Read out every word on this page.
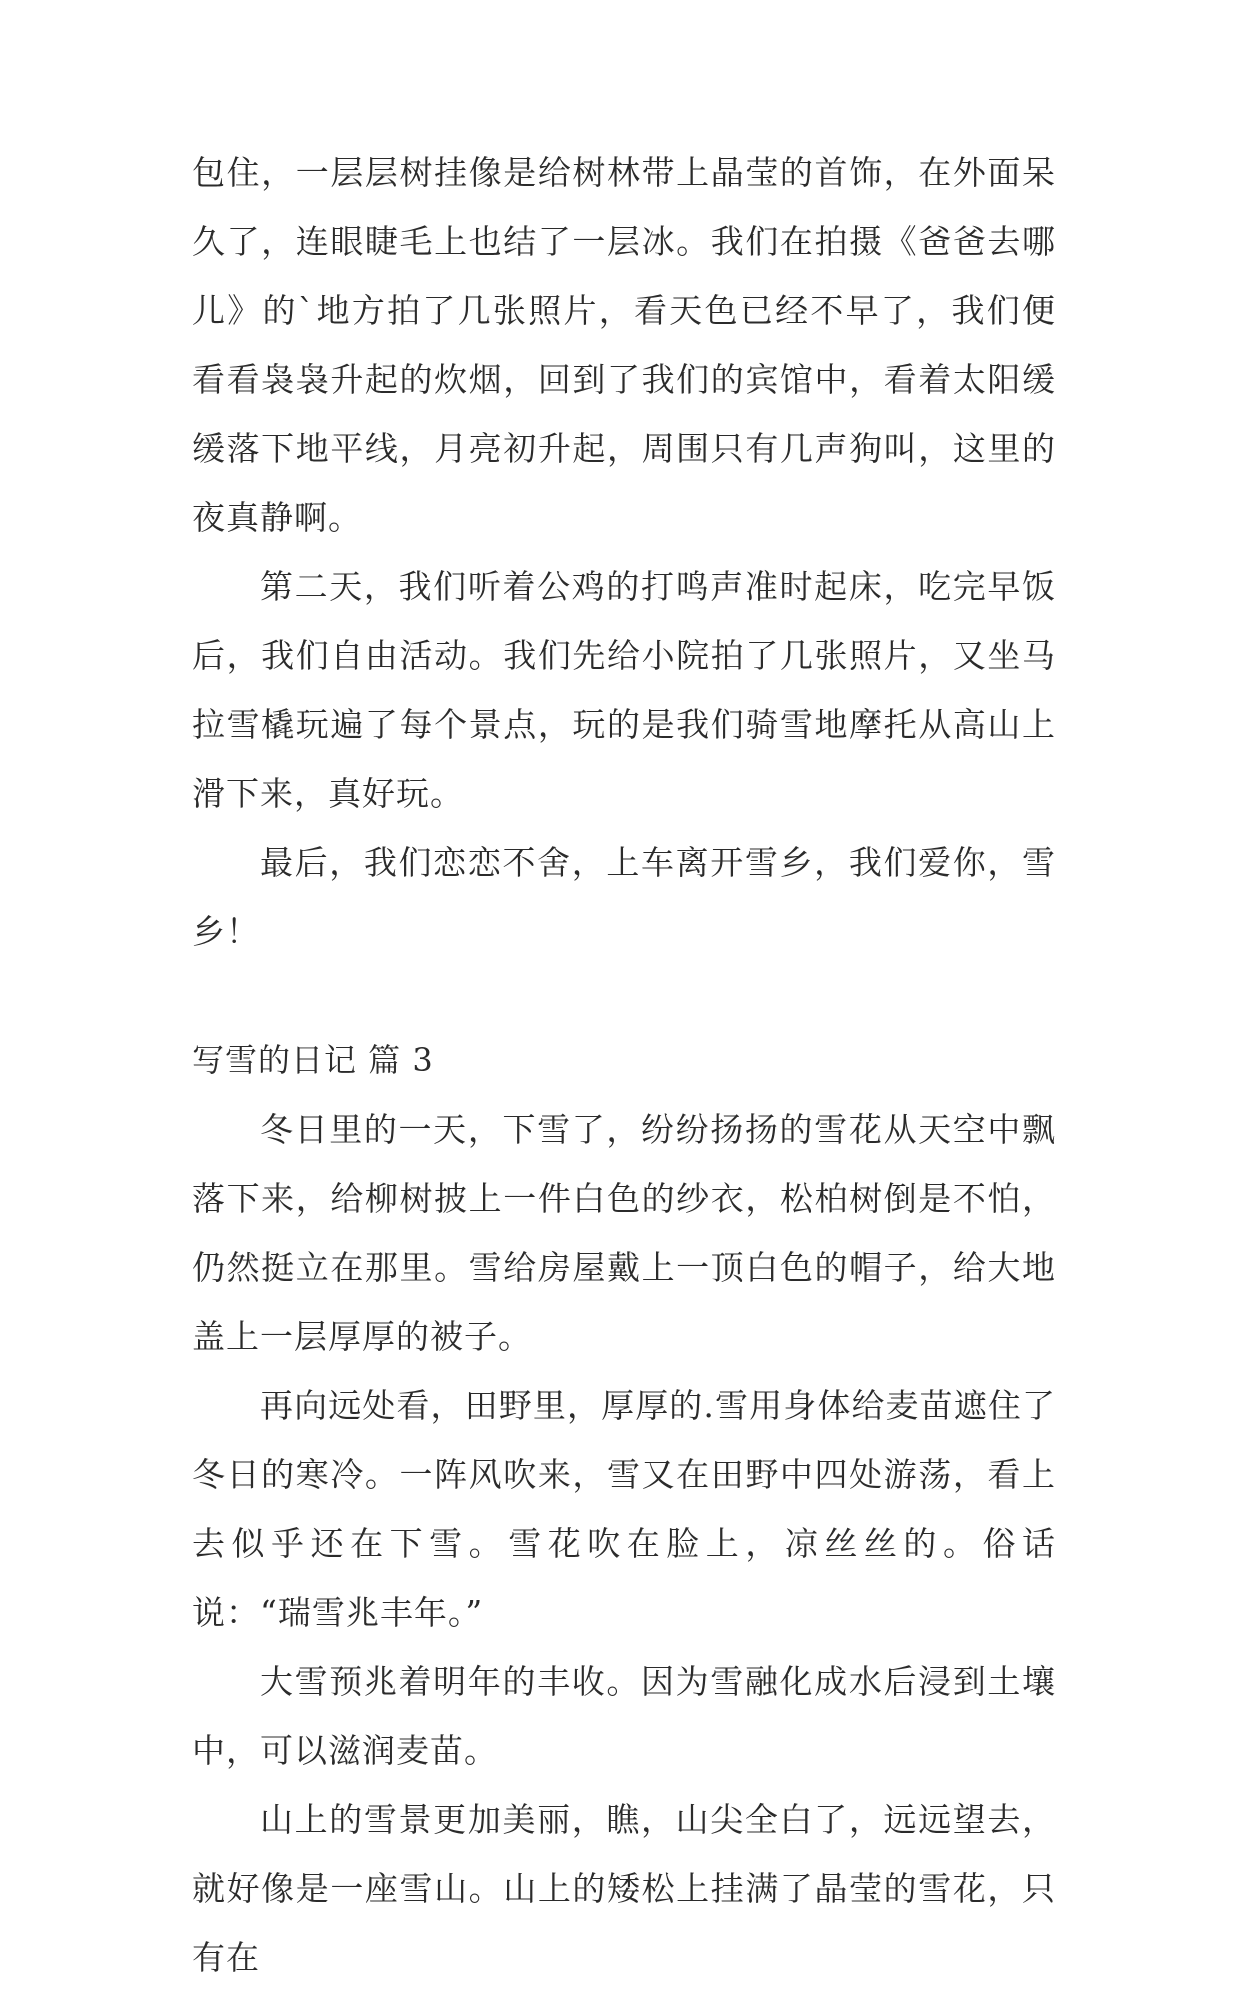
包住，一层层树挂像是给树林带上晶莹的首饰，在外面呆久了，连眼睫毛上也结了一层冰。我们在拍摄《爸爸去哪儿》的`地方拍了几张照片，看天色已经不早了，我们便看看袅袅升起的炊烟，回到了我们的宾馆中，看着太阳缓缓落下地平线，月亮初升起，周围只有几声狗叫，这里的夜真静啊。

第二天，我们听着公鸡的打鸣声准时起床，吃完早饭后，我们自由活动。我们先给小院拍了几张照片，又坐马拉雪橇玩遍了每个景点，玩的是我们骑雪地摩托从高山上滑下来，真好玩。

最后，我们恋恋不舍，上车离开雪乡，我们爱你，雪乡！

写雪的日记 篇 3

冬日里的一天，下雪了，纷纷扬扬的雪花从天空中飘落下来，给柳树披上一件白色的纱衣，松柏树倒是不怕，仍然挺立在那里。雪给房屋戴上一顶白色的帽子，给大地盖上一层厚厚的被子。

再向远处看，田野里，厚厚的.雪用身体给麦苗遮住了冬日的寒冷。一阵风吹来，雪又在田野中四处游荡，看上去似乎还在下雪。雪花吹在脸上，凉丝丝的。俗话说：“瑞雪兆丰年。”

大雪预兆着明年的丰收。因为雪融化成水后浸到土壤中，可以滋润麦苗。

山上的雪景更加美丽，瞧，山尖全白了，远远望去，就好像是一座雪山。山上的矮松上挂满了晶莹的雪花，只有在
